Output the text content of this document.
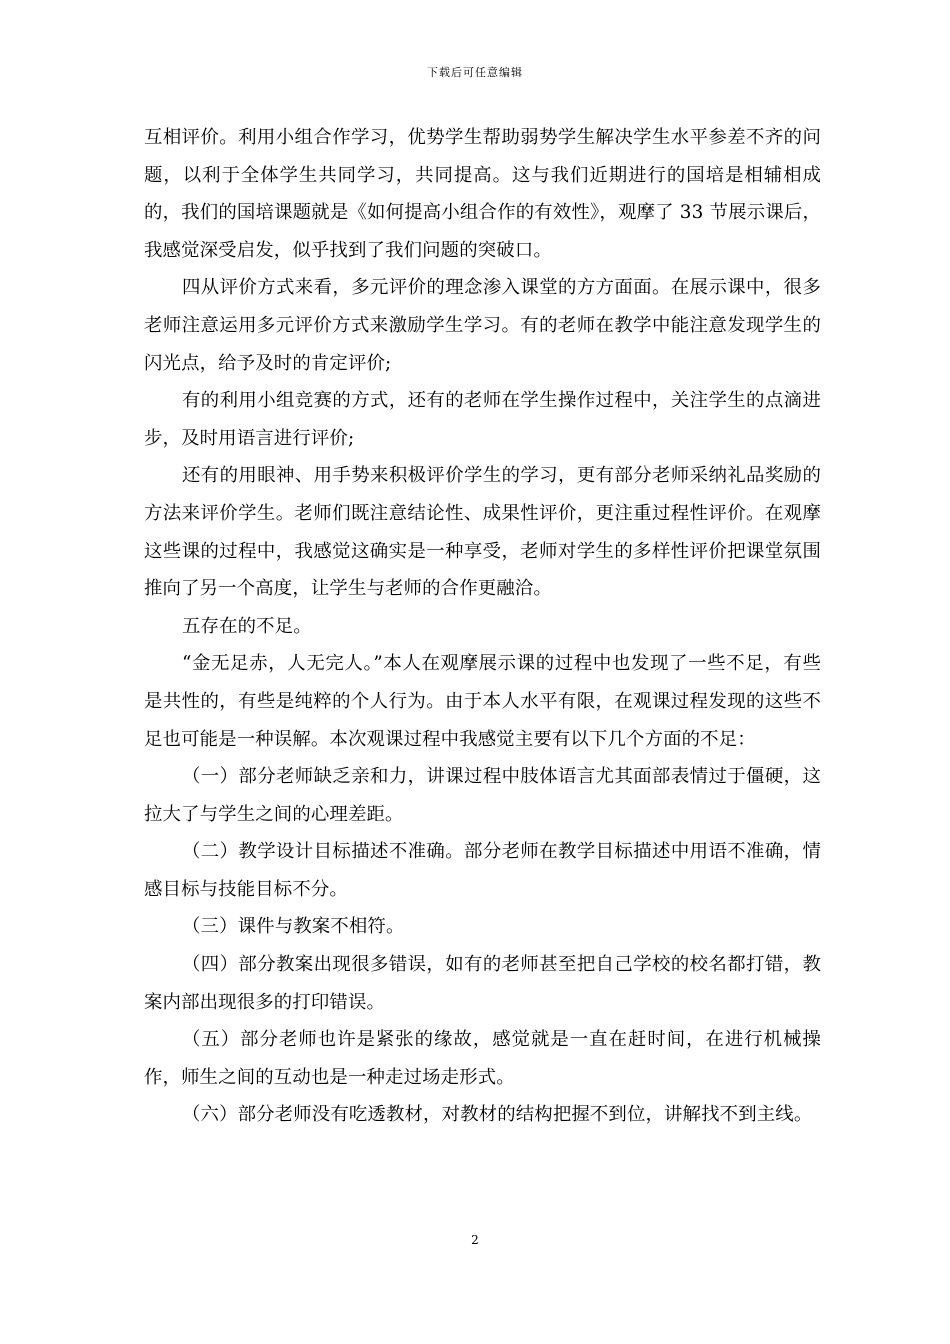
下载后可任意编辑

互相评价。利用小组合作学习，优势学生帮助弱势学生解决学生水平参差不齐的问题，以利于全体学生共同学习，共同提高。这与我们近期进行的国培是相辅相成的，我们的国培课题就是《如何提高小组合作的有效性》，观摩了 33 节展示课后，我感觉深受启发，似乎找到了我们问题的突破口。

四从评价方式来看，多元评价的理念渗入课堂的方方面面。在展示课中，很多老师注意运用多元评价方式来激励学生学习。有的老师在教学中能注意发现学生的闪光点，给予及时的肯定评价;

有的利用小组竞赛的方式，还有的老师在学生操作过程中，关注学生的点滴进步，及时用语言进行评价;

还有的用眼神、用手势来积极评价学生的学习，更有部分老师采纳礼品奖励的方法来评价学生。老师们既注意结论性、成果性评价，更注重过程性评价。在观摩这些课的过程中，我感觉这确实是一种享受，老师对学生的多样性评价把课堂氛围推向了另一个高度，让学生与老师的合作更融洽。

五存在的不足。

“金无足赤，人无完人。”本人在观摩展示课的过程中也发现了一些不足，有些是共性的，有些是纯粹的个人行为。由于本人水平有限，在观课过程发现的这些不足也可能是一种误解。本次观课过程中我感觉主要有以下几个方面的不足：

（一）部分老师缺乏亲和力，讲课过程中肢体语言尤其面部表情过于僵硬，这拉大了与学生之间的心理差距。

（二）教学设计目标描述不准确。部分老师在教学目标描述中用语不准确，情感目标与技能目标不分。

（三）课件与教案不相符。

（四）部分教案出现很多错误，如有的老师甚至把自己学校的校名都打错，教案内部出现很多的打印错误。

（五）部分老师也许是紧张的缘故，感觉就是一直在赶时间，在进行机械操作，师生之间的互动也是一种走过场走形式。

（六）部分老师没有吃透教材，对教材的结构把握不到位，讲解找不到主线。

2
